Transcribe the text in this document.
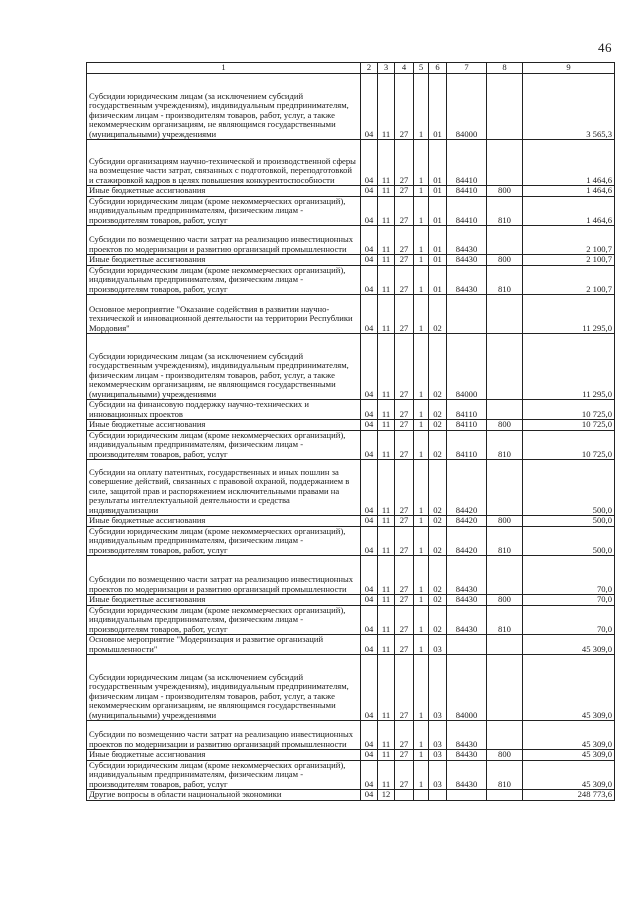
46
1	2	3	4	5	6	7	8	9
Субсидии юридическим лицам (за исключением субсидий государственным учреждениям), индивидуальным предпринимателям, физическим лицам - производителям товаров, работ, услуг, а также некоммерческим организациям, не являющимся государственными (муниципальными) учреждениями	04	11	27	1	01	84000		3 565,3
Субсидии организациям научно-технической и производственной сферы на возмещение части затрат, связанных с подготовкой, переподготовкой и стажировкой кадров в целях повышения конкурентоспособности	04	11	27	1	01	84410		1 464,6
Иные бюджетные ассигнования	04	11	27	1	01	84410	800	1 464,6
Субсидии юридическим лицам (кроме некоммерческих организаций), индивидуальным предпринимателям, физическим лицам - производителям товаров, работ, услуг	04	11	27	1	01	84410	810	1 464,6
Субсидии по возмещению части затрат на реализацию инвестиционных проектов по модернизации и развитию организаций промышленности	04	11	27	1	01	84430		2 100,7
Иные бюджетные ассигнования	04	11	27	1	01	84430	800	2 100,7
Субсидии юридическим лицам (кроме некоммерческих организаций), индивидуальным предпринимателям, физическим лицам - производителям товаров, работ, услуг	04	11	27	1	01	84430	810	2 100,7
Основное мероприятие "Оказание содействия в развитии научно-технической и инновационной деятельности на территории Республики Мордовия"	04	11	27	1	02			11 295,0
Субсидии юридическим лицам (за исключением субсидий государственным учреждениям), индивидуальным предпринимателям, физическим лицам - производителям товаров, работ, услуг, а также некоммерческим организациям, не являющимся государственными (муниципальными) учреждениями	04	11	27	1	02	84000		11 295,0
Субсидии на финансовую поддержку научно-технических и инновационных проектов	04	11	27	1	02	84110		10 725,0
Иные бюджетные ассигнования	04	11	27	1	02	84110	800	10 725,0
Субсидии юридическим лицам (кроме некоммерческих организаций), индивидуальным предпринимателям, физическим лицам - производителям товаров, работ, услуг	04	11	27	1	02	84110	810	10 725,0
Субсидии на оплату патентных, государственных и иных пошлин за совершение действий, связанных с правовой охраной, поддержанием в силе, защитой прав и распоряжением исключительными правами на результаты интеллектуальной деятельности и средства индивидуализации	04	11	27	1	02	84420		500,0
Иные бюджетные ассигнования	04	11	27	1	02	84420	800	500,0
Субсидии юридическим лицам (кроме некоммерческих организаций), индивидуальным предпринимателям, физическим лицам - производителям товаров, работ, услуг	04	11	27	1	02	84420	810	500,0
Субсидии по возмещению части затрат на реализацию инвестиционных проектов по модернизации и развитию организаций промышленности	04	11	27	1	02	84430		70,0
Иные бюджетные ассигнования	04	11	27	1	02	84430	800	70,0
Субсидии юридическим лицам (кроме некоммерческих организаций), индивидуальным предпринимателям, физическим лицам - производителям товаров, работ, услуг	04	11	27	1	02	84430	810	70,0
Основное мероприятие "Модернизация и развитие организаций промышленности"	04	11	27	1	03			45 309,0
Субсидии юридическим лицам (за исключением субсидий государственным учреждениям), индивидуальным предпринимателям, физическим лицам - производителям товаров, работ, услуг, а также некоммерческим организациям, не являющимся государственными (муниципальными) учреждениями	04	11	27	1	03	84000		45 309,0
Субсидии по возмещению части затрат на реализацию инвестиционных проектов по модернизации и развитию организаций промышленности	04	11	27	1	03	84430		45 309,0
Иные бюджетные ассигнования	04	11	27	1	03	84430	800	45 309,0
Субсидии юридическим лицам (кроме некоммерческих организаций), индивидуальным предпринимателям, физическим лицам - производителям товаров, работ, услуг	04	11	27	1	03	84430	810	45 309,0
Другие вопросы в области национальной экономики	04	12						248 773,6
